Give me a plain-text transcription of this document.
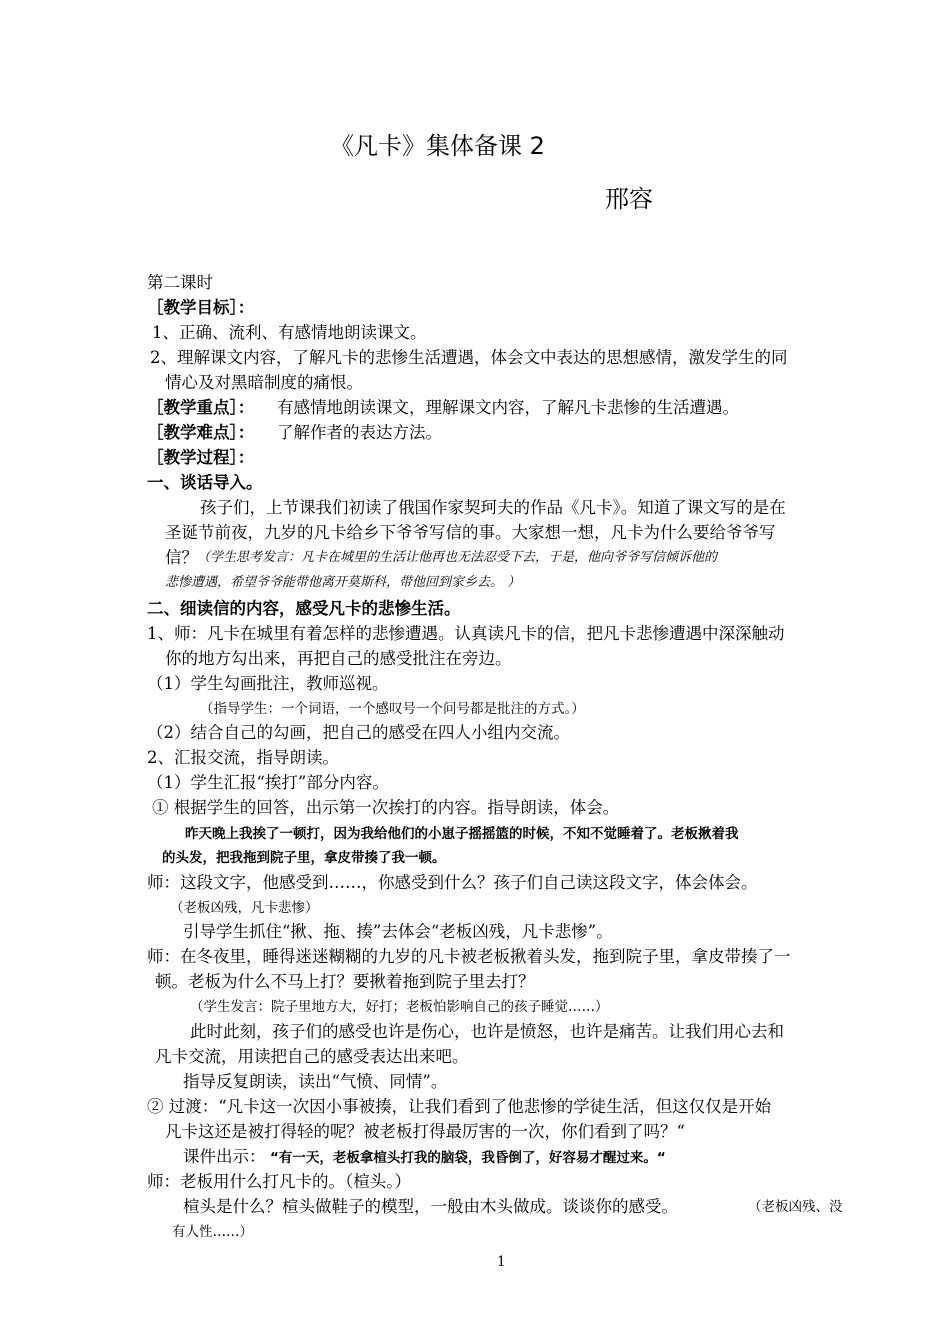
《凡卡》集体备课 2
邢容
第二课时
［教学目标］：
1、正确、流利、有感情地朗读课文。
2、理解课文内容，了解凡卡的悲惨生活遭遇，体会文中表达的思想感情，激发学生的同
情心及对黑暗制度的痛恨。
［教学重点］： 有感情地朗读课文，理解课文内容，了解凡卡悲惨的生活遭遇。
［教学难点］： 了解作者的表达方法。
［教学过程］：
一、谈话导入。
孩子们，上节课我们初读了俄国作家契珂夫的作品《凡卡》。知道了课文写的是在
圣诞节前夜，九岁的凡卡给乡下爷爷写信的事。大家想一想，凡卡为什么要给爷爷写
信？ （学生思考发言：凡卡在城里的生活让他再也无法忍受下去，于是，他向爷爷写信倾诉他的
悲惨遭遇，希望爷爷能带他离开莫斯科，带他回到家乡去。 ）
二、细读信的内容，感受凡卡的悲惨生活。
1、师：凡卡在城里有着怎样的悲惨遭遇。认真读凡卡的信，把凡卡悲惨遭遇中深深触动
你的地方勾出来，再把自己的感受批注在旁边。
（1）学生勾画批注，教师巡视。
（指导学生：一个词语，一个感叹号一个问号都是批注的方式。）
（2）结合自己的勾画，把自己的感受在四人小组内交流。
2、汇报交流，指导朗读。
（1）学生汇报“挨打”部分内容。
① 根据学生的回答，出示第一次挨打的内容。指导朗读，体会。
昨天晚上我挨了一顿打，因为我给他们的小崽子摇摇篮的时候，不知不觉睡着了。老板揪着我
的头发，把我拖到院子里，拿皮带揍了我一顿。
师：这段文字，他感受到……，你感受到什么？孩子们自己读这段文字，体会体会。
（老板凶残，凡卡悲惨）
引导学生抓住“揪、拖、揍”去体会“老板凶残，凡卡悲惨”。
师：在冬夜里，睡得迷迷糊糊的九岁的凡卡被老板揪着头发，拖到院子里，拿皮带揍了一
顿。老板为什么不马上打？要揪着拖到院子里去打？
（学生发言：院子里地方大，好打；老板怕影响自己的孩子睡觉……）
此时此刻，孩子们的感受也许是伤心，也许是愤怒，也许是痛苦。让我们用心去和
凡卡交流，用读把自己的感受表达出来吧。
指导反复朗读，读出“气愤、同情”。
② 过渡：“凡卡这一次因小事被揍，让我们看到了他悲惨的学徒生活，但这仅仅是开始
凡卡这还是被打得轻的呢？被老板打得最厉害的一次，你们看到了吗？“
课件出示： “有一天，老板拿楦头打我的脑袋，我昏倒了，好容易才醒过来。“
师：老板用什么打凡卡的。（楦头。）
楦头是什么？楦头做鞋子的模型，一般由木头做成。谈谈你的感受。	（老板凶残、没
有人性……）
1
